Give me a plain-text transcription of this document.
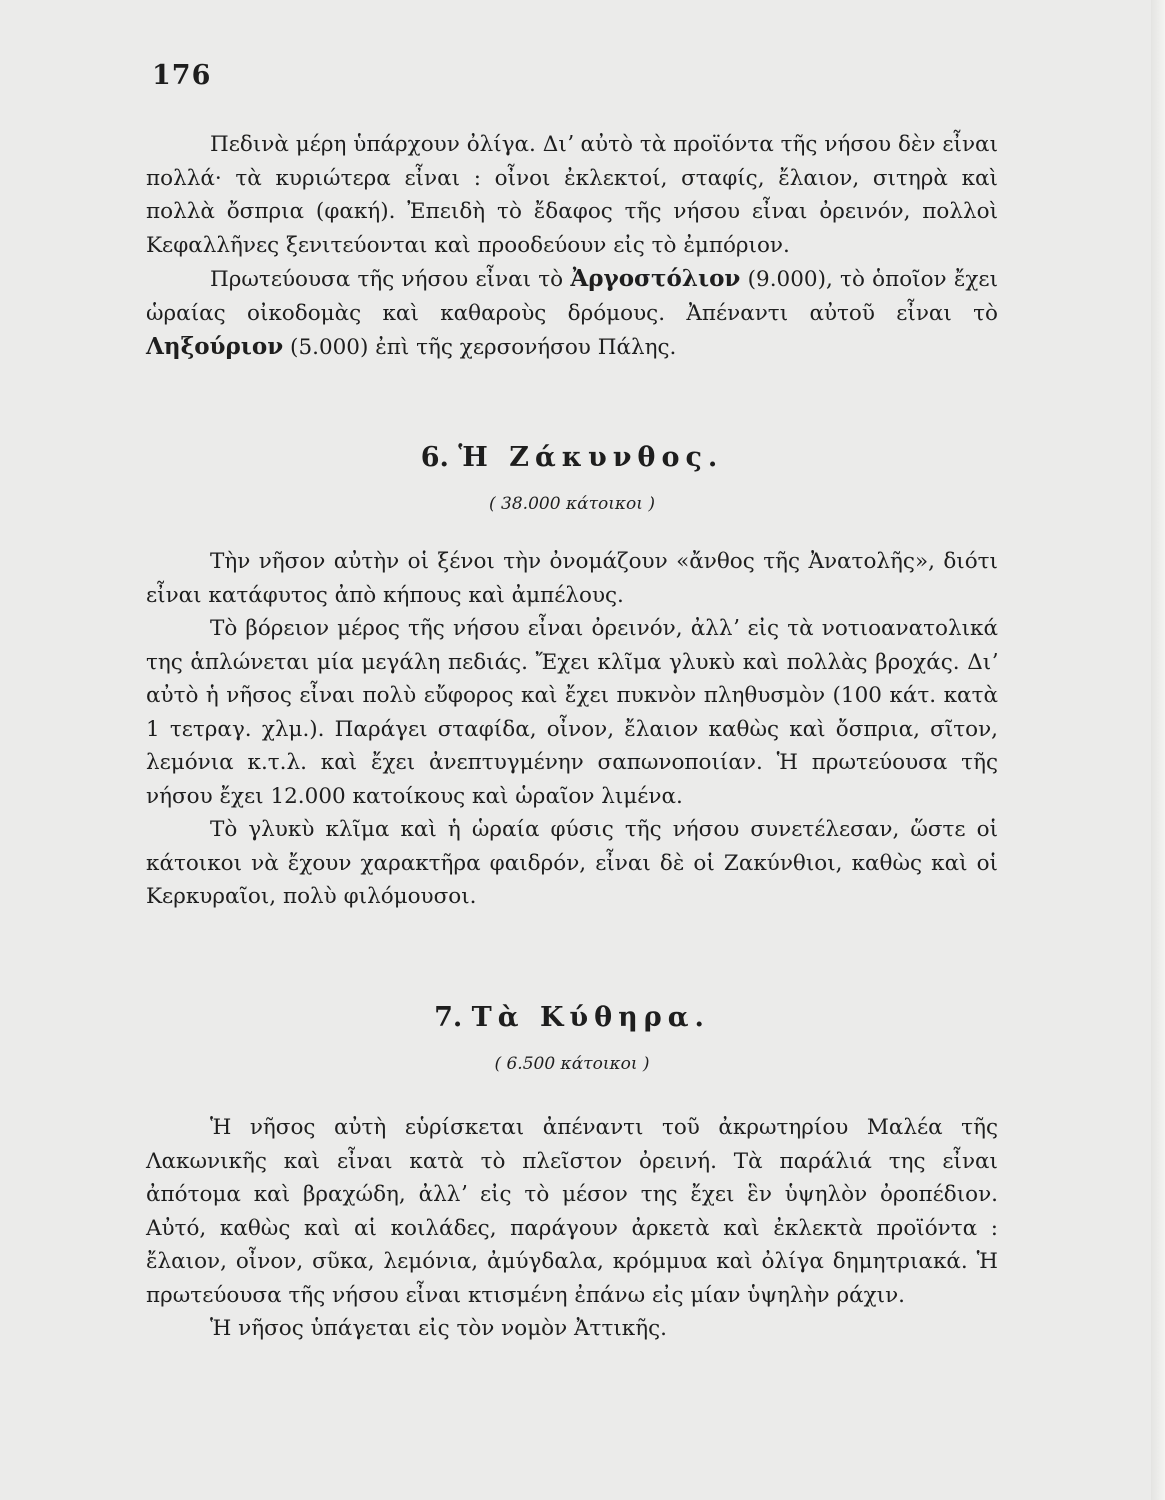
176

Πεδινὰ μέρη ὑπάρχουν ὀλίγα. Διʼ αὐτὸ τὰ προϊόντα τῆς νήσου δὲν εἶναι πολλά· τὰ κυριώτερα εἶναι : οἶνοι ἐκλεκτοί, σταφίς, ἔλαιον, σιτηρὰ καὶ πολλὰ ὄσπρια (φακή). Ἐπειδὴ τὸ ἔδαφος τῆς νήσου εἶναι ὀρεινόν, πολλοὶ Κεφαλλῆνες ξενιτεύονται καὶ προοδεύουν εἰς τὸ ἐμπόριον.

Πρωτεύουσα τῆς νήσου εἶναι τὸ Ἀργοστόλιον (9.000), τὸ ὁποῖον ἔχει ὡραίας οἰκοδομὰς καὶ καθαροὺς δρόμους. Ἀπέναντι αὐτοῦ εἶναι τὸ Ληξούριον (5.000) ἐπὶ τῆς χερσονήσου Πάλης.

6. Ἡ Ζάκυνθος.
( 38.000 κάτοικοι )

Τὴν νῆσον αὐτὴν οἱ ξένοι τὴν ὀνομάζουν «ἄνθος τῆς Ἀνατολῆς», διότι εἶναι κατάφυτος ἀπὸ κήπους καὶ ἀμπέλους.

Τὸ βόρειον μέρος τῆς νήσου εἶναι ὀρεινόν, ἀλλʼ εἰς τὰ νοτιοανατολικά της ἁπλώνεται μία μεγάλη πεδιάς. Ἔχει κλῖμα γλυκὺ καὶ πολλὰς βροχάς. Διʼ αὐτὸ ἡ νῆσος εἶναι πολὺ εὔφορος καὶ ἔχει πυκνὸν πληθυσμὸν (100 κάτ. κατὰ 1 τετραγ. χλμ.). Παράγει σταφίδα, οἶνον, ἔλαιον καθὼς καὶ ὄσπρια, σῖτον, λεμόνια κ.τ.λ. καὶ ἔχει ἀνεπτυγμένην σαπωνοποιίαν. Ἡ πρωτεύουσα τῆς νήσου ἔχει 12.000 κατοίκους καὶ ὡραῖον λιμένα.

Τὸ γλυκὺ κλῖμα καὶ ἡ ὡραία φύσις τῆς νήσου συνετέλεσαν, ὥστε οἱ κάτοικοι νὰ ἔχουν χαρακτῆρα φαιδρόν, εἶναι δὲ οἱ Ζακύνθιοι, καθὼς καὶ οἱ Κερκυραῖοι, πολὺ φιλόμουσοι.

7. Τὰ Κύθηρα.
( 6.500 κάτοικοι )

Ἡ νῆσος αὐτὴ εὑρίσκεται ἀπέναντι τοῦ ἀκρωτηρίου Μαλέα τῆς Λακωνικῆς καὶ εἶναι κατὰ τὸ πλεῖστον ὀρεινή. Τὰ παράλιά της εἶναι ἀπότομα καὶ βραχώδη, ἀλλʼ εἰς τὸ μέσον της ἔχει ἓν ὑψηλὸν ὀροπέδιον. Αὐτό, καθὼς καὶ αἱ κοιλάδες, παράγουν ἀρκετὰ καὶ ἐκλεκτὰ προϊόντα : ἔλαιον, οἶνον, σῦκα, λεμόνια, ἀμύγδαλα, κρόμμυα καὶ ὀλίγα δημητριακά. Ἡ πρωτεύουσα τῆς νήσου εἶναι κτισμένη ἐπάνω εἰς μίαν ὑψηλὴν ράχιν.

Ἡ νῆσος ὑπάγεται εἰς τὸν νομὸν Ἀττικῆς.
